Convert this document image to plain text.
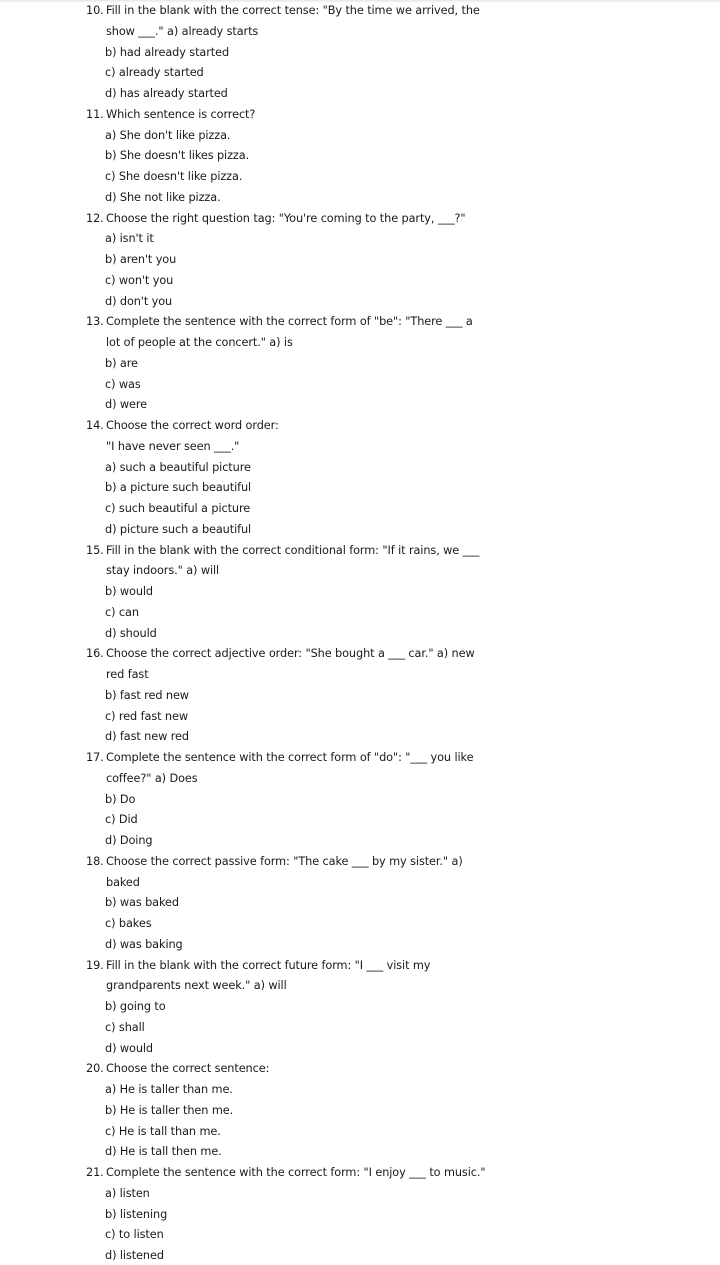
10. Fill in the blank with the correct tense: "By the time we arrived, the
show ___." a) already starts
b) had already started
c) already started
d) has already started
11. Which sentence is correct?
a) She don't like pizza.
b) She doesn't likes pizza.
c) She doesn't like pizza.
d) She not like pizza.
12. Choose the right question tag: "You're coming to the party, ___?"
a) isn't it
b) aren't you
c) won't you
d) don't you
13. Complete the sentence with the correct form of "be": "There ___ a
lot of people at the concert." a) is
b) are
c) was
d) were
14. Choose the correct word order:
"I have never seen ___."
a) such a beautiful picture
b) a picture such beautiful
c) such beautiful a picture
d) picture such a beautiful
15. Fill in the blank with the correct conditional form: "If it rains, we ___
stay indoors." a) will
b) would
c) can
d) should
16. Choose the correct adjective order: "She bought a ___ car." a) new
red fast
b) fast red new
c) red fast new
d) fast new red
17. Complete the sentence with the correct form of "do": "___ you like
coffee?" a) Does
b) Do
c) Did
d) Doing
18. Choose the correct passive form: "The cake ___ by my sister." a)
baked
b) was baked
c) bakes
d) was baking
19. Fill in the blank with the correct future form: "I ___ visit my
grandparents next week." a) will
b) going to
c) shall
d) would
20. Choose the correct sentence:
a) He is taller than me.
b) He is taller then me.
c) He is tall than me.
d) He is tall then me.
21. Complete the sentence with the correct form: "I enjoy ___ to music."
a) listen
b) listening
c) to listen
d) listened
